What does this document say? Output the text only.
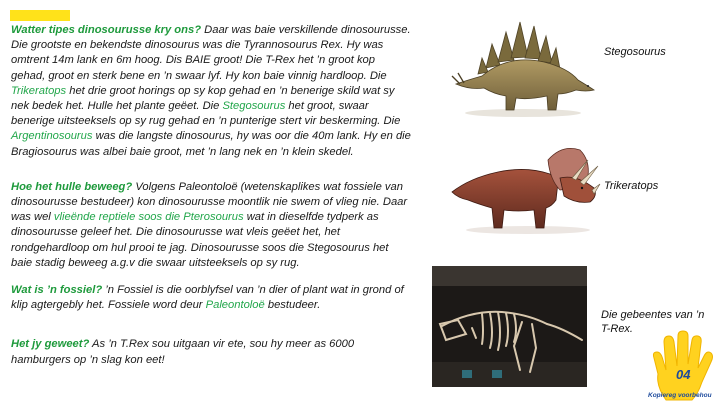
Watter tipes dinosourusse kry ons? Daar was baie verskillende dinosourusse. Die grootste en bekendste dinosourus was die Tyrannosourus Rex. Hy was omtrent 14m lank en 6m hoog. Dis BAIE groot! Die T-Rex het ’n groot kop gehad, groot en sterk bene en ’n swaar lyf. Hy kon baie vinnig hardloop. Die Trikeratops het drie groot horings op sy kop gehad en ’n benerige skild wat sy nek bedek het. Hulle het plante geëet. Die Stegosourus het groot, swaar benerige uitsteeksels op sy rug gehad en ’n punterige stert vir beskerming. Die Argentinosourus was die langste dinosourus, hy was oor die 40m lank. Hy en die Bragiosourus was albei baie groot, met ’n lang nek en ’n klein skedel.

Hoe het hulle beweeg? Volgens Paleontoloë (wetenskaplikes wat fossiele van dinosourusse bestudeer) kon dinosourusse moontlik nie swem of vlieg nie. Daar was wel vlieënde reptiele soos die Pterosourus wat in dieselfde tydperk as dinosourusse geleef het. Die dinosourusse wat vleis geëet het, het rondgehardloop om hul prooi te jag. Dinosourusse soos die Stegosourus het baie stadig beweeg a.g.v die swaar uitsteeksels op sy rug.

Wat is ’n fossiel? ’n Fossiel is die oorblyfsel van ’n dier of plant wat in grond of klip agtergebly het. Fossiele word deur Paleontoloë bestudeer.

Het jy geweet? As ’n T.Rex sou uitgaan vir ete, sou hy meer as 6000 hamburgers op ’n slag kon eet!

Stegosourus
Trikeratops
Die gebeentes van ’n T-Rex.
04
Kopiereg voorbehou
